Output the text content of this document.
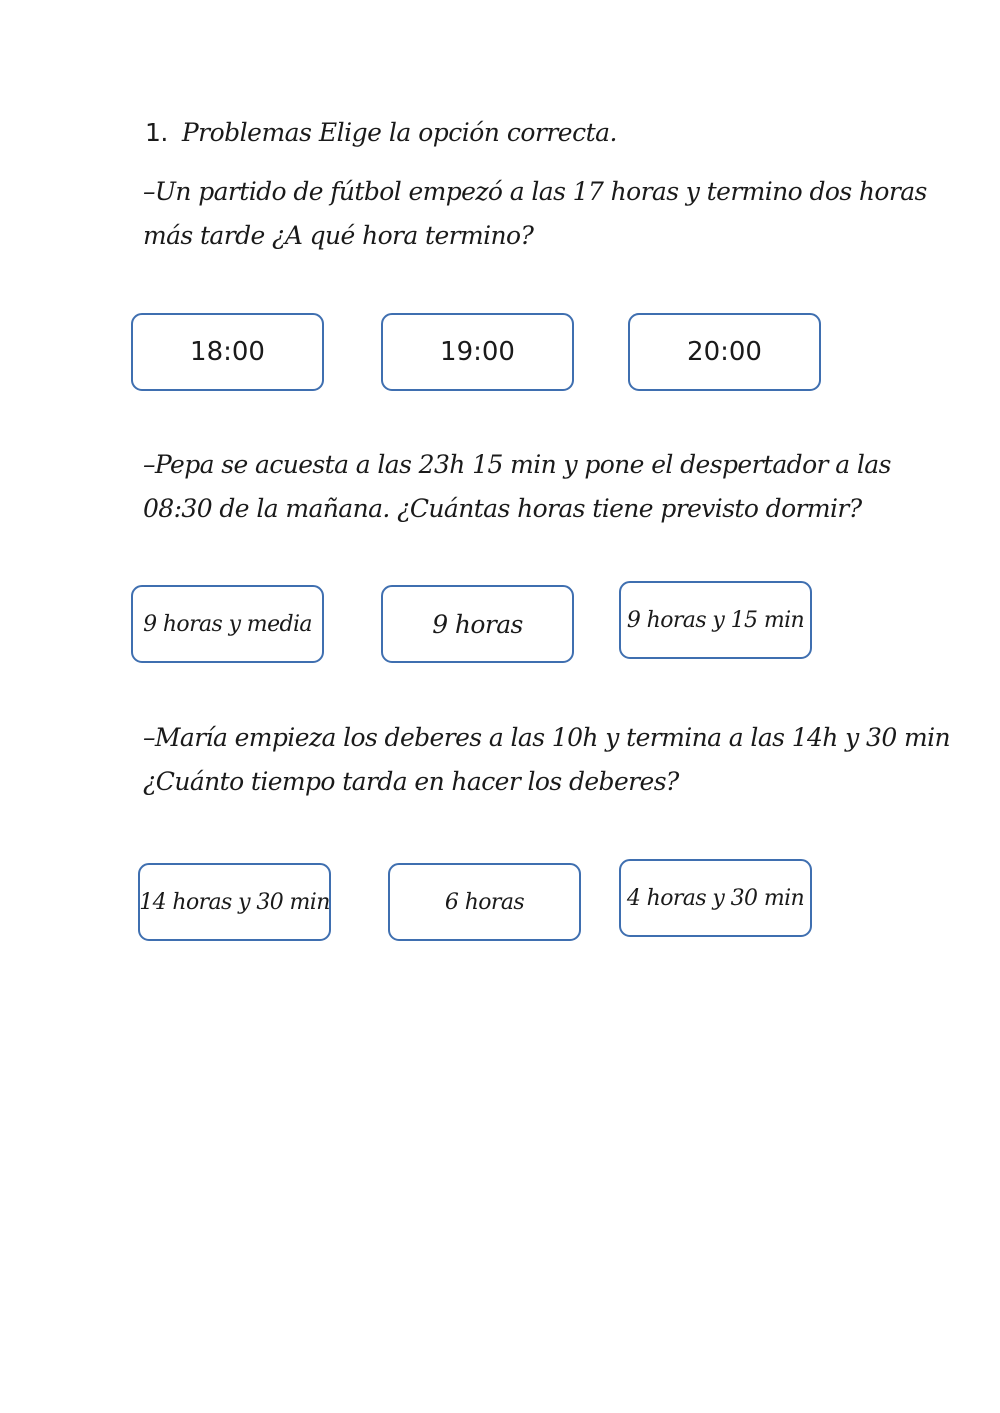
1. Problemas Elige la opción correcta.
–Un partido de fútbol empezó a las 17 horas y termino dos horas
más tarde ¿A qué hora termino?
18:00	19:00	20:00
–Pepa se acuesta a las 23h 15 min y pone el despertador a las
08:30 de la mañana. ¿Cuántas horas tiene previsto dormir?
9 horas y media	9 horas	9 horas y 15 min
–María empieza los deberes a las 10h y termina a las 14h y 30 min
¿Cuánto tiempo tarda en hacer los deberes?
14 horas y 30 min	6 horas	4 horas y 30 min
